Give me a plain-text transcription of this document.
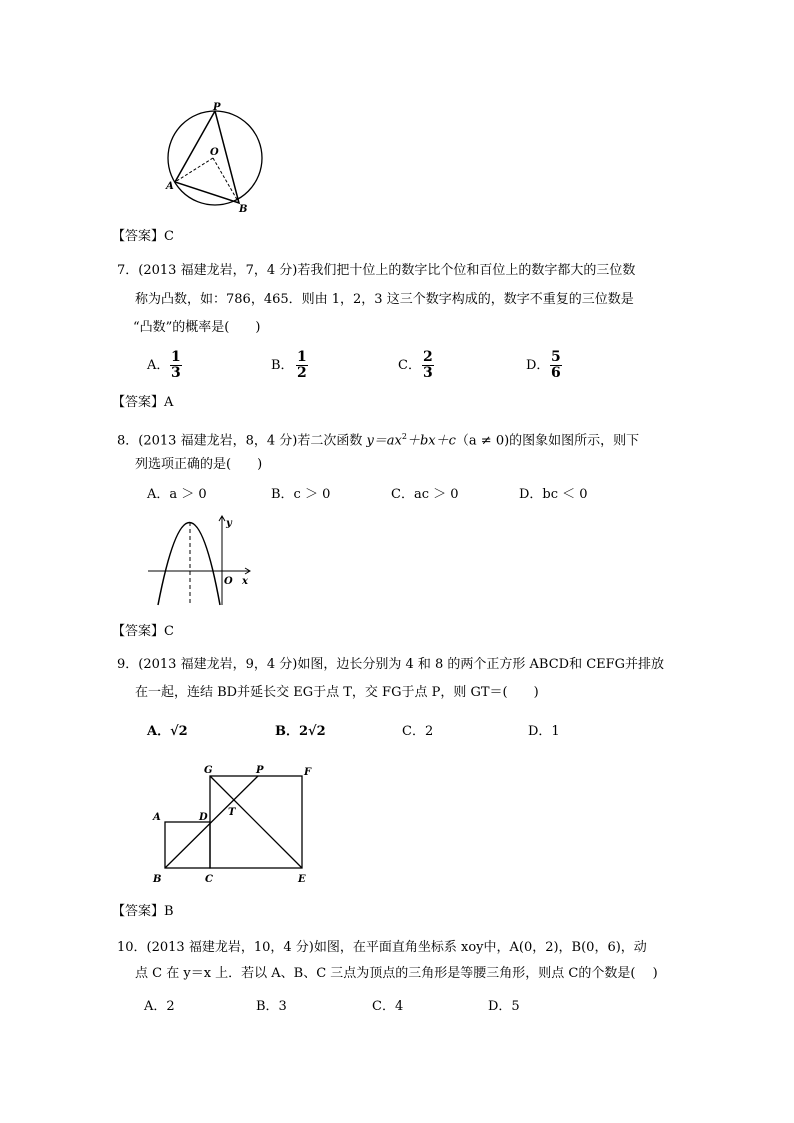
P
O
A
B
【答案】C
7．(2013 福建龙岩，7，4 分)若我们把十位上的数字比个位和百位上的数字都大的三位数
称为凸数，如：786，465．则由 1，2，3 这三个数字构成的，数字不重复的三位数是
“凸数”的概率是(　　)
A． $\frac{1}{3}$	B． $\frac{1}{2}$	C． $\frac{2}{3}$	D． $\frac{5}{6}$
【答案】A
8．(2013 福建龙岩，8，4 分)若二次函数 $y=ax^2+bx+c(a \ne 0)$的图象如图所示，则下
列选项正确的是(　　)
A．a ＞ 0	B．c ＞ 0	C．ac ＞ 0	D．bc ＜ 0
y
O x
【答案】C
9．(2013 福建龙岩，9，4 分)如图，边长分别为 4 和 8 的两个正方形 ABCD和 CEFG并排放
在一起，连结 BD并延长交 EG于点 T，交 FG于点 P，则 GT＝(　　)
A．√2	B．2√2	C．2	D．1
G	P	F
A	D T
B	C	E
【答案】B
10．(2013 福建龙岩，10，4 分)如图，在平面直角坐标系 xoy中，A(0，2)，B(0，6)，动
点 C 在 y＝x 上．若以 A、B、C 三点为顶点的三角形是等腰三角形，则点 C的个数是(　 )
A．2	B．3	C．4	D．5
